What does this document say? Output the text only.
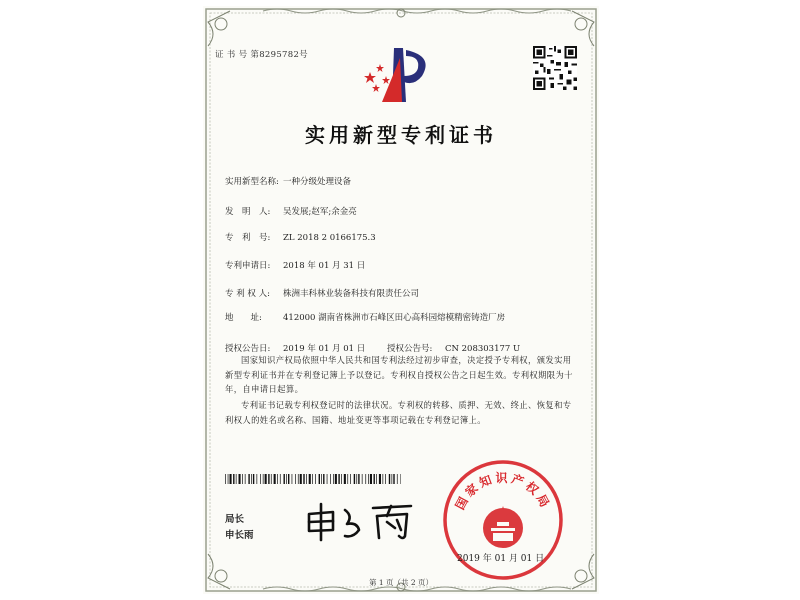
证 书 号 第8295782号
实用新型专利证书
实用新型名称: 一种分级处理设备
发　明　人: 吴发展;赵军;余金亮
专　利　号: ZL 2018 2 0166175.3
专利申请日: 2018 年 01 月 31 日
专 利 权 人: 株洲丰科林业装备科技有限责任公司
地　　址: 412000 湖南省株洲市石峰区田心高科园熔模精密铸造厂房
授权公告日: 2019 年 01 月 01 日	授权公告号: CN 208303177 U
国家知识产权局依照中华人民共和国专利法经过初步审查，决定授予专利权，颁发实用新型专利证书并在专利登记簿上予以登记。专利权自授权公告之日起生效。专利权期限为十年，自申请日起算。
专利证书记载专利权登记时的法律状况。专利权的转移、质押、无效、终止、恢复和专利权人的姓名或名称、国籍、地址变更等事项记载在专利登记簿上。
局长
申长雨
国家知识产权局
2019 年 01 月 01 日
第 1 页（共 2 页）
